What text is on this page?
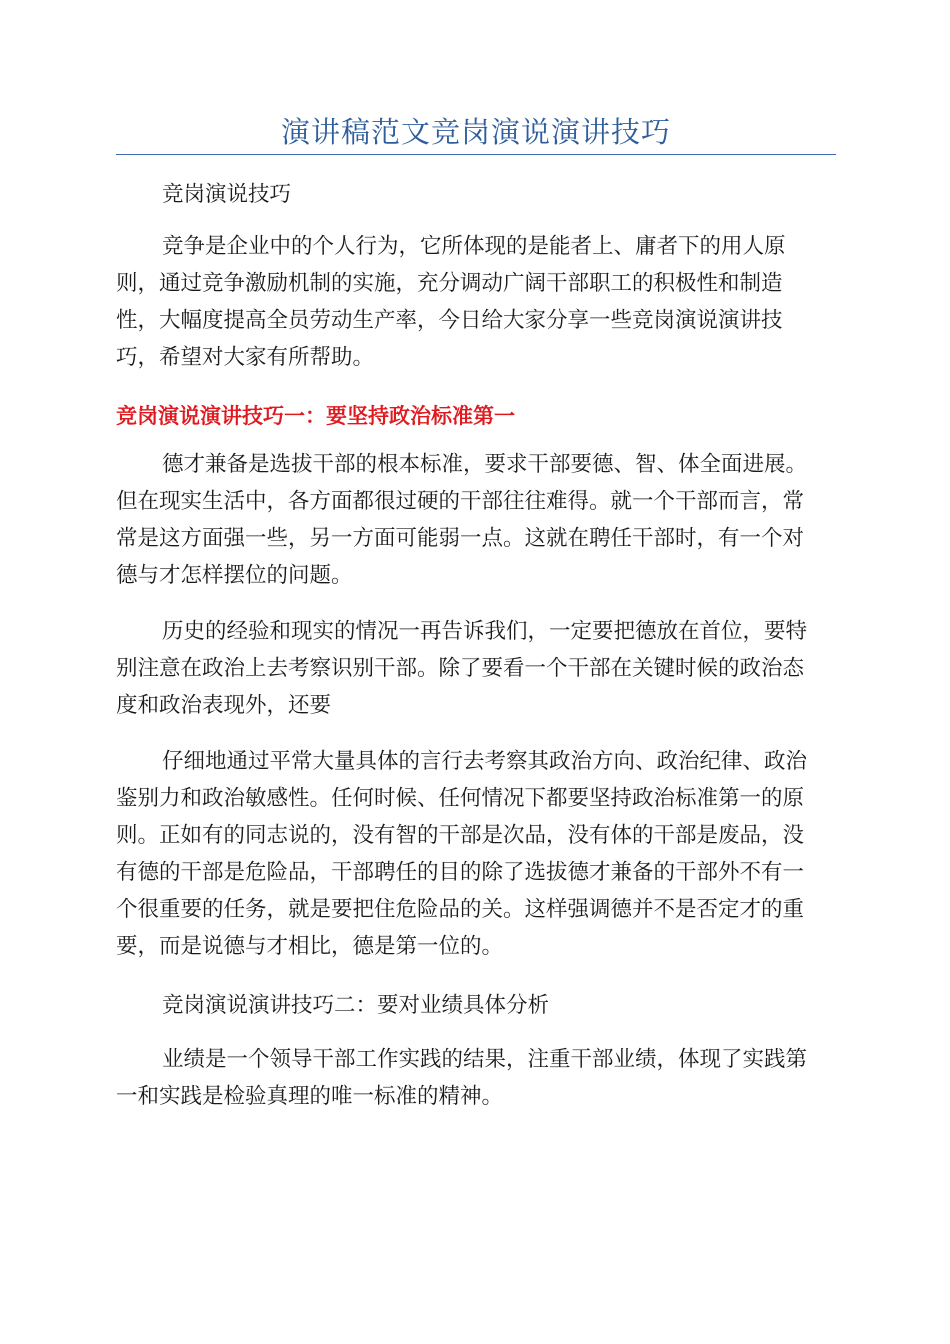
演讲稿范文竞岗演说演讲技巧

竞岗演说技巧

竞争是企业中的个人行为，它所体现的是能者上、庸者下的用人原
则，通过竞争激励机制的实施，充分调动广阔干部职工的积极性和制造
性，大幅度提高全员劳动生产率，今日给大家分享一些竞岗演说演讲技
巧，希望对大家有所帮助。

竞岗演说演讲技巧一：要坚持政治标准第一

德才兼备是选拔干部的根本标准，要求干部要德、智、体全面进展。
但在现实生活中，各方面都很过硬的干部往往难得。就一个干部而言，常
常是这方面强一些，另一方面可能弱一点。这就在聘任干部时，有一个对
德与才怎样摆位的问题。

历史的经验和现实的情况一再告诉我们，一定要把德放在首位，要特
别注意在政治上去考察识别干部。除了要看一个干部在关键时候的政治态
度和政治表现外，还要

仔细地通过平常大量具体的言行去考察其政治方向、政治纪律、政治
鉴别力和政治敏感性。任何时候、任何情况下都要坚持政治标准第一的原
则。正如有的同志说的，没有智的干部是次品，没有体的干部是废品，没
有德的干部是危险品，干部聘任的目的除了选拔德才兼备的干部外不有一
个很重要的任务，就是要把住危险品的关。这样强调德并不是否定才的重
要，而是说德与才相比，德是第一位的。

竞岗演说演讲技巧二：要对业绩具体分析

业绩是一个领导干部工作实践的结果，注重干部业绩，体现了实践第
一和实践是检验真理的唯一标准的精神。
